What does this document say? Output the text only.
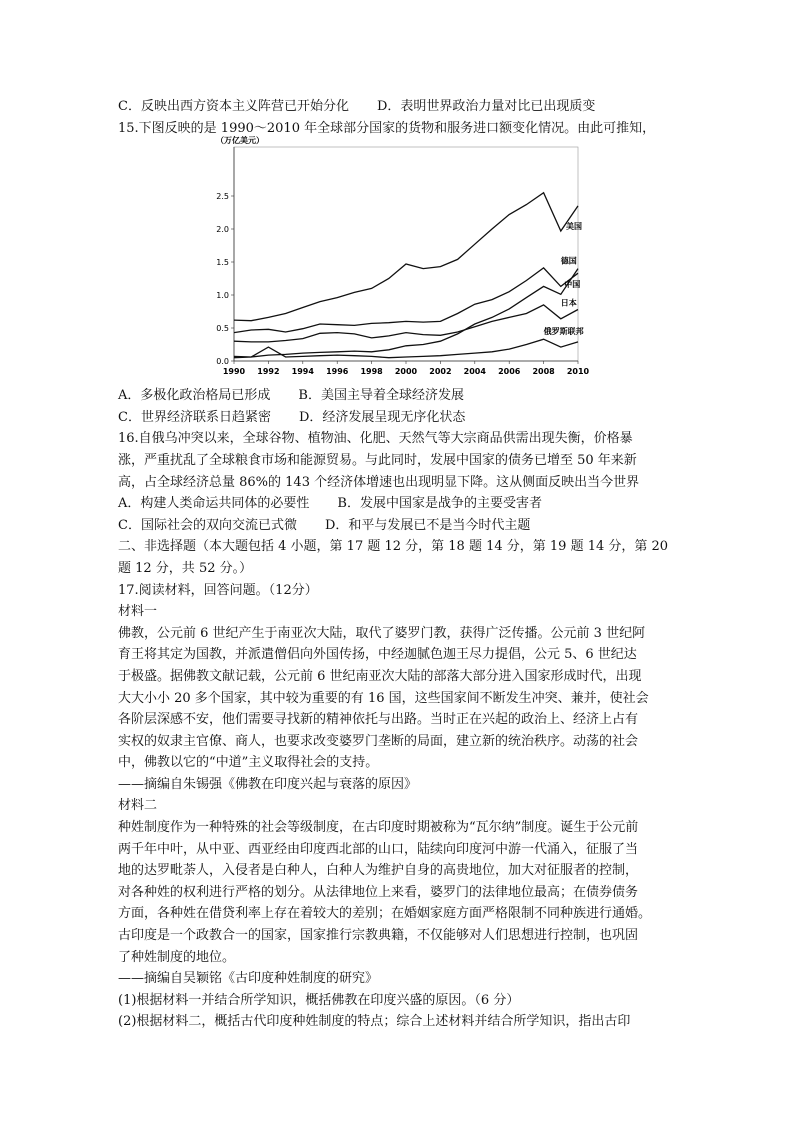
C．反映出西方资本主义阵营已开始分化 D．表明世界政治力量对比已出现质变
15.下图反映的是 1990～2010 年全球部分国家的货物和服务进口额变化情况。由此可推知，
（万亿美元）
0.0
0.5
1.0
1.5
2.0
2.5
1990 1992 1994 1996 1998 2000 2002 2004 2006 2008 2010
美国
德国
中国
日本
俄罗斯联邦
A．多极化政治格局已形成 B．美国主导着全球经济发展
C．世界经济联系日趋紧密 D．经济发展呈现无序化状态

16.自俄乌冲突以来，全球谷物、植物油、化肥、天然气等大宗商品供需出现失衡，价格暴

涨，严重扰乱了全球粮食市场和能源贸易。与此同时，发展中国家的债务已增至 50 年来新

高，占全球经济总量 86%的 143 个经济体增速也出现明显下降。这从侧面反映出当今世界

A．构建人类命运共同体的必要性 B．发展中国家是战争的主要受害者
C．国际社会的双向交流已式微 D．和平与发展已不是当今时代主题
二、非选择题（本大题包括 4 小题，第 17 题 12 分，第 18 题 14 分，第 19 题 14 分，第 20
题 12 分，共 52 分。）
17.阅读材料，回答问题。（12分）
材料一

佛教，公元前 6 世纪产生于南亚次大陆，取代了婆罗门教，获得广泛传播。公元前 3 世纪阿

育王将其定为国教，并派遣僧侣向外国传扬，中经迦腻色迦王尽力提倡，公元 5、6 世纪达

于极盛。据佛教文献记载，公元前 6 世纪南亚次大陆的部落大部分进入国家形成时代，出现

大大小小 20 多个国家，其中较为重要的有 16 国，这些国家间不断发生冲突、兼并，使社会

各阶层深感不安，他们需要寻找新的精神依托与出路。当时正在兴起的政治上、经济上占有

实权的奴隶主官僚、商人，也要求改变婆罗门垄断的局面，建立新的统治秩序。动荡的社会

中，佛教以它的“中道”主义取得社会的支持。

——摘编自朱锡强《佛教在印度兴起与衰落的原因》
材料二

种姓制度作为一种特殊的社会等级制度，在古印度时期被称为“瓦尔纳”制度。诞生于公元前

两千年中叶，从中亚、西亚经由印度西北部的山口，陆续向印度河中游一代涌入，征服了当

地的达罗毗荼人，入侵者是白种人，白种人为维护自身的高贵地位，加大对征服者的控制，

对各种姓的权利进行严格的划分。从法律地位上来看，婆罗门的法律地位最高；在债券债务

方面，各种姓在借贷利率上存在着较大的差别；在婚姻家庭方面严格限制不同种族进行通婚。

古印度是一个政教合一的国家，国家推行宗教典籍，不仅能够对人们思想进行控制，也巩固

了种姓制度的地位。

——摘编自吴颖铭《古印度种姓制度的研究》
(1)根据材料一并结合所学知识，概括佛教在印度兴盛的原因。（6 分）
(2)根据材料二，概括古代印度种姓制度的特点；综合上述材料并结合所学知识，指出古印
